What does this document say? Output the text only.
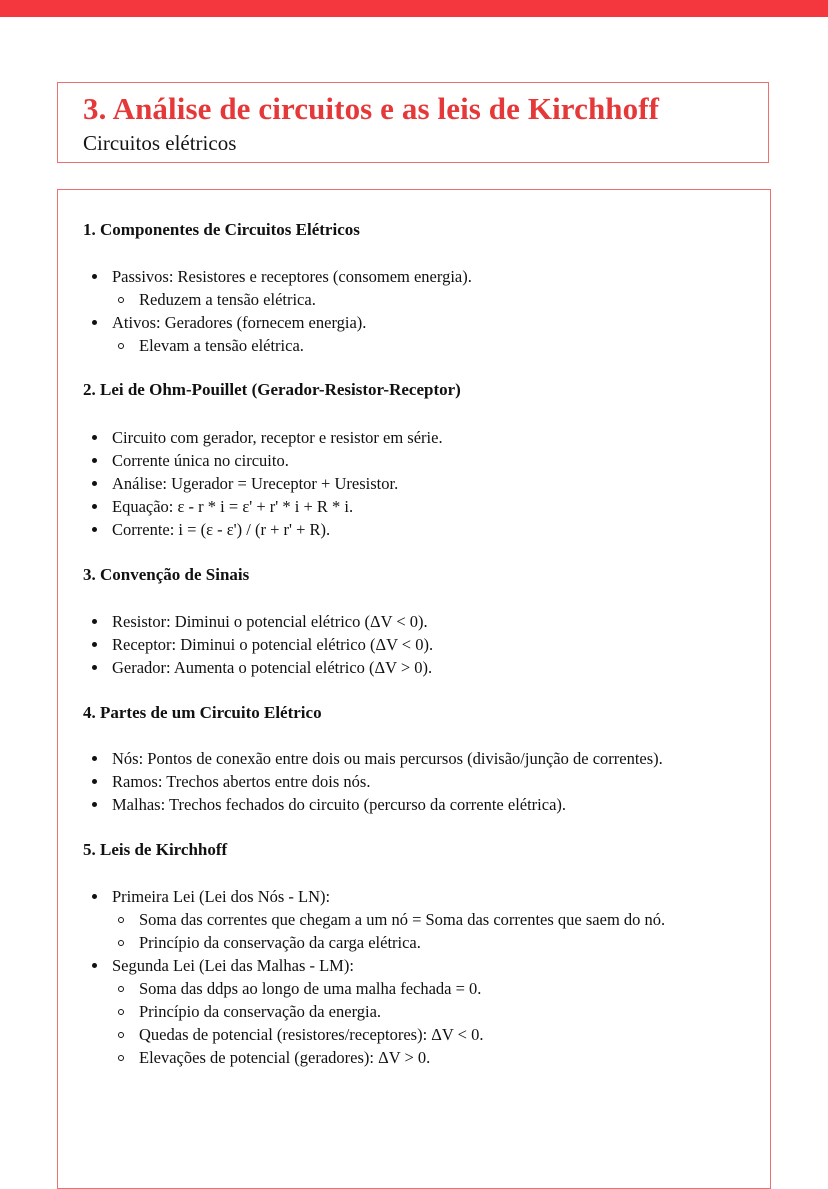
3. Análise de circuitos e as leis de Kirchhoff

Circuitos elétricos

1. Componentes de Circuitos Elétricos
Passivos: Resistores e receptores (consomem energia).
Reduzem a tensão elétrica.
Ativos: Geradores (fornecem energia).
Elevam a tensão elétrica.
2. Lei de Ohm-Pouillet (Gerador-Resistor-Receptor)
Circuito com gerador, receptor e resistor em série.
Corrente única no circuito.
Análise: Ugerador = Ureceptor + Uresistor.
Equação: ε - r * i = ε' + r' * i + R * i.
Corrente: i = (ε - ε') / (r + r' + R).
3. Convenção de Sinais
Resistor: Diminui o potencial elétrico (ΔV < 0).
Receptor: Diminui o potencial elétrico (ΔV < 0).
Gerador: Aumenta o potencial elétrico (ΔV > 0).
4. Partes de um Circuito Elétrico
Nós: Pontos de conexão entre dois ou mais percursos (divisão/junção de correntes).
Ramos: Trechos abertos entre dois nós.
Malhas: Trechos fechados do circuito (percurso da corrente elétrica).
5. Leis de Kirchhoff
Primeira Lei (Lei dos Nós - LN):
Soma das correntes que chegam a um nó = Soma das correntes que saem do nó.
Princípio da conservação da carga elétrica.
Segunda Lei (Lei das Malhas - LM):
Soma das ddps ao longo de uma malha fechada = 0.
Princípio da conservação da energia.
Quedas de potencial (resistores/receptores): ΔV < 0.
Elevações de potencial (geradores): ΔV > 0.
